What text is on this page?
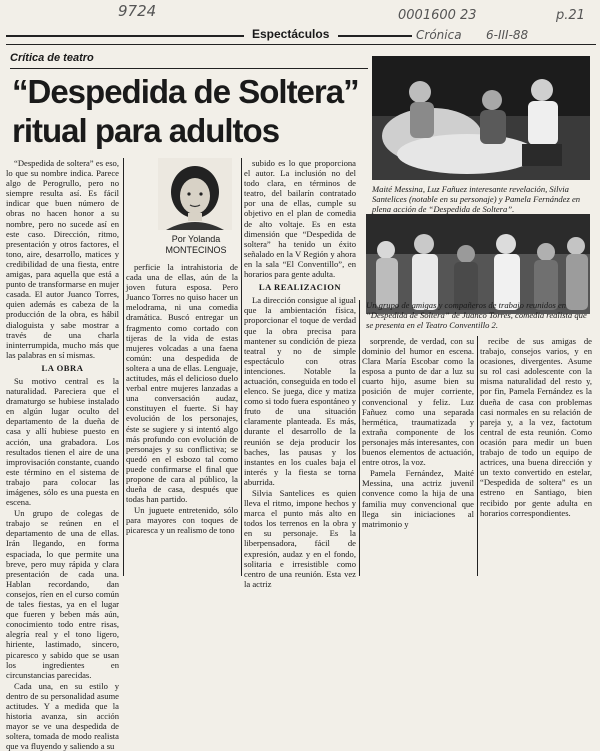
9724	0001600 23	p.21
Crónica 6-III-88
Espectáculos
Crítica de teatro
“Despedida de Soltera”
ritual para adultos
Maité Messina, Luz Fañuez interesante revelación, Silvia Santelices (notable en su personaje) y Pamela Fernández en plena acción de “Despedida de Soltera”.
Un grupo de amigas y compañeros de trabajo reunidos en “Despedida de Soltera” de Juanco Torres, comedia realista que se presenta en el Teatro Conventillo 2.
Por Yolanda
MONTECINOS

“Despedida de soltera” es eso, lo que su nombre indica. Parece algo de Perogrullo, pero no siempre resulta así. Es fácil indicar que buen número de obras no hacen honor a su nombre, pero no sucede así en este caso. Dirección, ritmo, presentación y otros factores, el tono, aire, desarrollo, matices y credibilidad de una fiesta, entre amigas, para aquella que está a punto de transformarse en mujer casada. El autor Juanco Torres, quien además es cabeza de la producción de la obra, es hábil dialoguista y sabe mostrar a través de una charla ininterrumpida, mucho más que las palabras en sí mismas.

LA OBRA

Su motivo central es la naturalidad. Pareciera que el dramaturgo se hubiese instalado en algún lugar oculto del departamento de la dueña de casa y allí hubiese puesto en acción, una grabadora. Los resultados tienen el aire de una improvisación constante, cuando este término en el sistema de trabajo para colocar las imágenes, sólo es una puesta en escena.

Un grupo de colegas de trabajo se reúnen en el departamento de una de ellas. Irán llegando, en forma espaciada, lo que permite una breve, pero muy rápida y clara presentación de cada una. Hablan recordando, dan consejos, ríen en el curso común de tales fiestas, ya en el lugar que fueren y beben más aún, conocimiento todo entre risas, alegría real y el tono ligero, hiriente, lastimado, sincero, picaresco y sabido que se usan los ingredientes en circunstancias parecidas.

Cada una, en su estilo y dentro de su personalidad asume actitudes. Y a medida que la historia avanza, sin acción mayor se ve una despedida de soltera, tomada de modo realista que va fluyendo y saliendo a su

perficie la intrahistoria de cada una de ellas, aún de la joven futura esposa. Pero Juanco Torres no quiso hacer un melodrama, ni una comedia dramática. Buscó entregar un fragmento como cortado con tijeras de la vida de estas mujeres volcadas a una faena común: una despedida de soltera a una de ellas. Lenguaje, actitudes, más el delicioso duelo verbal entre mujeres lanzadas a una conversación audaz, constituyen el fuerte. Si hay evolución de los personajes, éste se sugiere y si intentó algo más profundo con evolución de personajes y su conflictiva; se quedó en el esbozo tal como puede confirmarse el final que propone de cara al público, la dueña de casa, después que todas han partido.

Un juguete entretenido, sólo para mayores con toques de picaresca y un realismo de tono

subido es lo que proporciona el autor. La inclusión no del todo clara, en términos de teatro, del bailarín contratado por una de ellas, cumple su objetivo en el plan de comedia de alto voltaje. Es en esta dimensión que “Despedida de soltera” ha tenido un éxito señalado en la V Región y ahora en la sala “El Conventillo”, en horarios para gente adulta.

LA REALIZACION

La dirección consigue al igual que la ambientación física, proporcionar el toque de verdad que la obra precisa para mantener su condición de pieza teatral y no de simple espectáculo con otras intenciones. Notable la actuación, conseguida en todo el elenco. Se juega, dice y matiza como si todo fuera espontáneo y fruto de una situación claramente planteada. Es más, durante el desarrollo de la reunión se deja producir los baches, las pausas y los instantes en los cuales baja el interés y la fiesta se torna aburrida.

Silvia Santelices es quien lleva el ritmo, impone hechos y marca el punto más alto en todos los terrenos en la obra y en su personaje. Es la liberpensadora, fácil de expresión, audaz y en el fondo, solitaria e irresistible como centro de una reunión. Esta vez la actriz

sorprende, de verdad, con su dominio del humor en escena. Clara María Escobar como la esposa a punto de dar a luz su cuarto hijo, asume bien su posición de mujer corriente, convencional y feliz. Luz Fañuez como una separada hermética, traumatizada y extraña componente de los personajes más interesantes, con buenos elementos de actuación, entre otros, la voz.

Pamela Fernández, Maité Messina, una actriz juvenil convence como la hija de una familia muy convencional que llega sin iniciaciones al matrimonio y

recibe de sus amigas de trabajo, consejos varios, y en ocasiones, divergentes. Asume su rol casi adolescente con la misma naturalidad del resto y, por fin, Pamela Fernández es la dueña de casa con problemas casi normales en su relación de pareja y, a la vez, factotum central de esta reunión. Como ocasión para medir un buen trabajo de todo un equipo de actrices, una buena dirección y un texto convertido en estelar, “Despedida de soltera” es un estreno en Santiago, bien recibido por gente adulta en horarios correspondientes.
